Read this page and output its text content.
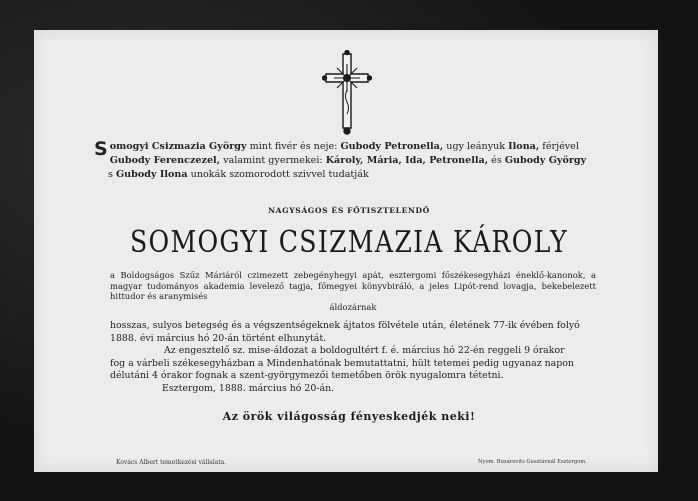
Somogyi Csizmazia György mint fivér és neje: Gubody Petronella, ugy leányuk Ilona, férjével
Gubody Ferenczezel, valamint gyermekei: Károly, Mária, Ida, Petronella, és Gubody György
s Gubody Ilona unokák szomorodott szivvel tudatják
NAGYSÁGOS ÉS FŐTISZTELENDŐ
SOMOGYI CSIZMAZIA KÁROLY
a Boldogságos Szűz Máriáról czimezett zebegényhegyi apát, esztergomi főszékesegyházi éneklő-kanonok, a magyar tudományos akademia levelező tagja, főmegyei könyvbiráló, a jeles Lipót-rend lovagja, bekebelezett hittudor és aranymisés
áldozárnak

hosszas, sulyos betegség és a végszentségeknek ájtatos fölvétele után, életének 77-ik évében folyó

1888. évi március hó 20-án történt elhunytát.

Az engesztelő sz. mise-áldozat a boldogultért f. é. március hó 22-én reggeli 9 órakor

fog a várbeli székesegyházban a Mindenhatónak bemutattatni, hült tetemei pedig ugyanaz napon

délutáni 4 órakor fognak a szent-györgymezői temetőben örök nyugalomra tétetni.

Esztergom, 1888. március hó 20-án.

Az örök világosság fényeskedjék neki!
Kovács Albert temetkezési vállalata.	Nyom. Buzárovits Gusztávnál Esztergom.
